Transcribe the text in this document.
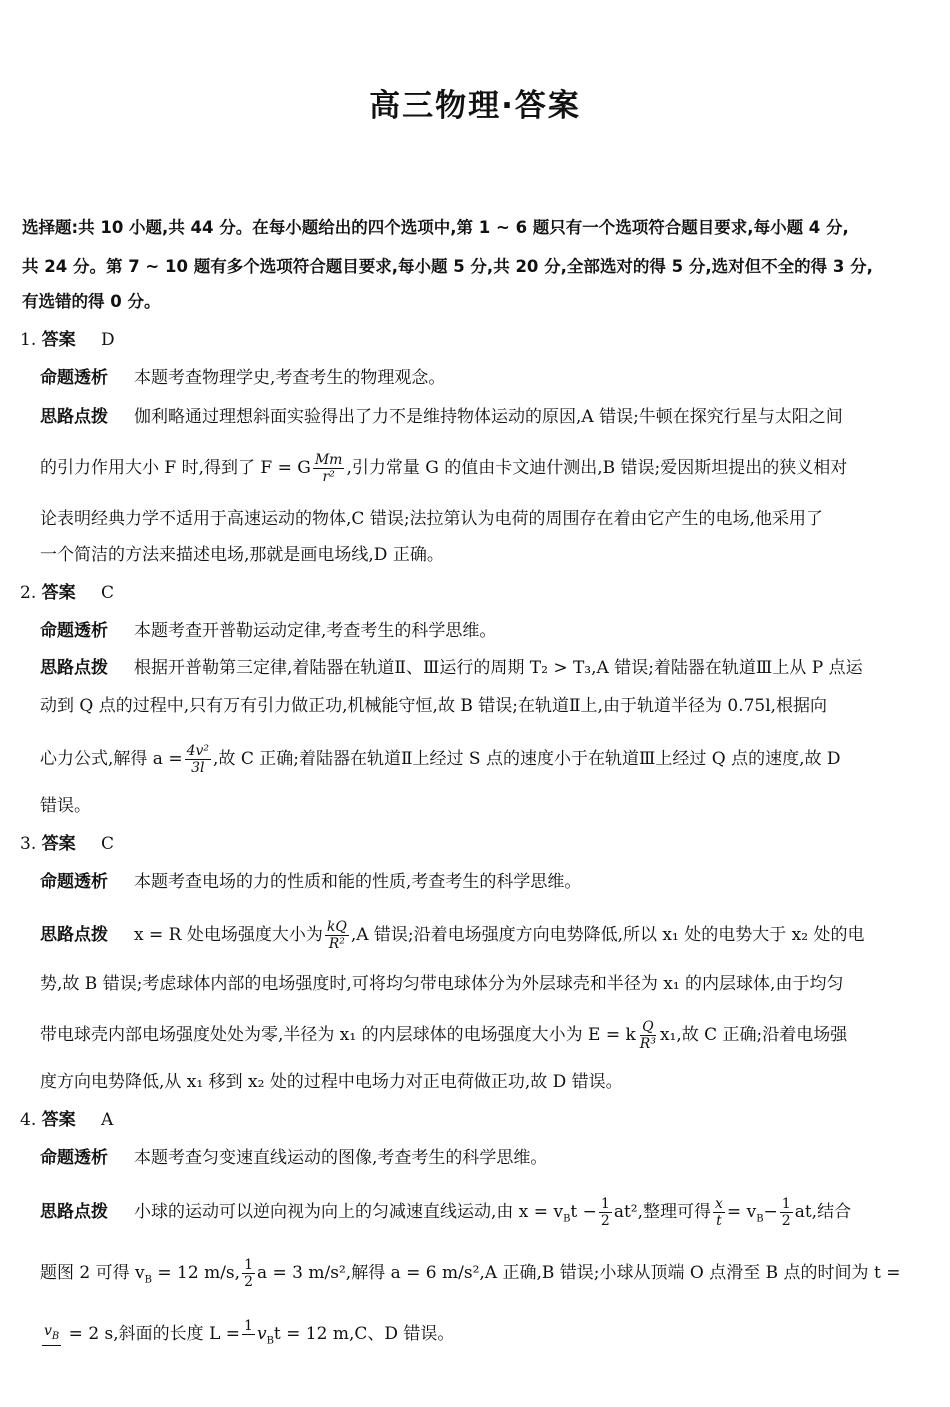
高三物理·答案
选择题:共 10 小题,共 44 分。在每小题给出的四个选项中,第 1 ~ 6 题只有一个选项符合题目要求,每小题 4 分,
共 24 分。第 7 ~ 10 题有多个选项符合题目要求,每小题 5 分,共 20 分,全部选对的得 5 分,选对但不全的得 3 分,
有选错的得 0 分。
1. 答案 D
命题透析 本题考查物理学史,考查考生的物理观念。
思路点拨 伽利略通过理想斜面实验得出了力不是维持物体运动的原因,A 错误;牛顿在探究行星与太阳之间
的引力作用大小 F 时,得到了 F = G $\frac{Mm}{\text{r²}}$ ,引力常量 G 的值由卡文迪什测出,B 错误;爱因斯坦提出的狭义相对
论表明经典力学不适用于高速运动的物体,C 错误;法拉第认为电荷的周围存在着由它产生的电场,他采用了
一个简洁的方法来描述电场,那就是画电场线,D 正确。
2. 答案 C
命题透析 本题考查开普勒运动定律,考查考生的科学思维。
思路点拨 根据开普勒第三定律,着陆器在轨道Ⅱ、Ⅲ运行的周期 T₂ > T₃,A 错误;着陆器在轨道Ⅲ上从 P 点运
动到 Q 点的过程中,只有万有引力做正功,机械能守恒,故 B 错误;在轨道Ⅱ上,由于轨道半径为 0.75l,根据向
心力公式,解得 $a = \frac{\text{4v²}}{3l}$ ,故 C 正确;着陆器在轨道Ⅱ上经过 S 点的速度小于在轨道Ⅲ上经过 Q 点的速度,故 D
错误。
3. 答案 C
命题透析 本题考查电场的力的性质和能的性质,考查考生的科学思维。
思路点拨 x = R 处电场强度大小为 $\frac{kQ}{\text{R²}} ,A$ 错误;沿着电场强度方向电势降低,所以 x₁ 处的电势大于 x₂ 处的电
势,故 B 错误;考虑球体内部的电场强度时,可将均匀带电球体分为外层球壳和半径为 x₁ 的内层球体,由于均匀
带电球壳内部电场强度处处为零,半径为 x₁ 的内层球体的电场强度大小为 E = k $\frac{Q}{\text{R³}} x_1$,故 C 正确;沿着电场强
度方向电势降低,从 x₁ 移到 x₂ 处的过程中电场力对正电荷做正功,故 D 错误。
4. 答案 A
命题透析 本题考查匀变速直线运动的图像,考查考生的科学思维。
思路点拨 小球的运动可以逆向视为向上的匀减速直线运动,由 $x = v_Bt - \frac{1}{2} at^2$,整理可得 $\frac{x}{t} = v_B- \frac{1}{2}$ at,结合
题图 2 可得 $v_B = 12$ m/s, $\frac{1}{2}$ a = 3 m/s²,解得 a = 6 m/s²,A 正确,B 错误;小球从顶端 O 点滑至 B 点的时间为 t =
$v_B = 2$ s,斜面的长度 L = 1
$v_Bt = 12$ m,C、D 错误。
